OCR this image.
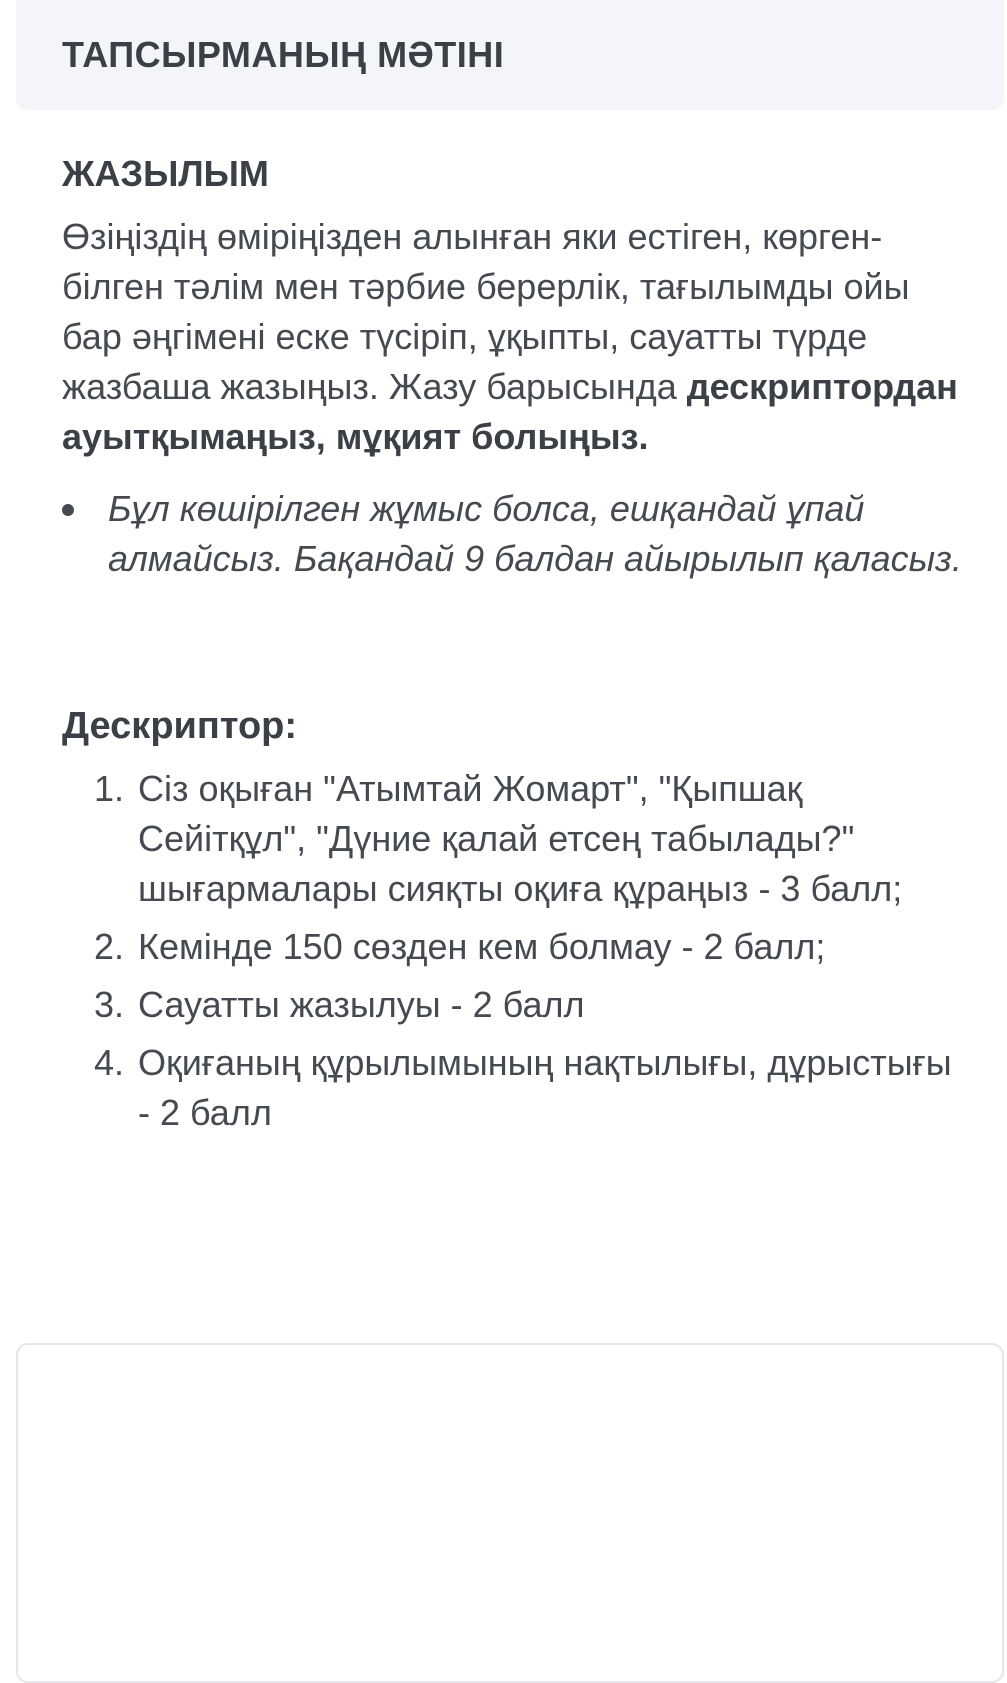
ТАПСЫРМАНЫҢ МӘТІНІ
ЖАЗЫЛЫМ

Өзіңіздің өміріңізден алынған яки естіген, көрген-білген тәлім мен тәрбие берерлік, тағылымды ойы бар әңгімені еске түсіріп, ұқыпты, сауатты түрде жазбаша жазыңыз. Жазу барысында дескриптордан ауытқымаңыз, мұқият болыңыз.

Бұл көшірілген жұмыс болса, ешқандай ұпай алмайсыз. Бақандай 9 балдан айырылып қаласыз.
Дескриптор:
1. Сіз оқыған "Атымтай Жомарт", "Қыпшақ Сейітқұл", "Дүние қалай етсең табылады?" шығармалары сияқты оқиға құраңыз - 3 балл;
2. Кемінде 150 сөзден кем болмау - 2 балл;
3. Сауатты жазылуы - 2 балл
4. Оқиғаның құрылымының нақтылығы, дұрыстығы - 2 балл
